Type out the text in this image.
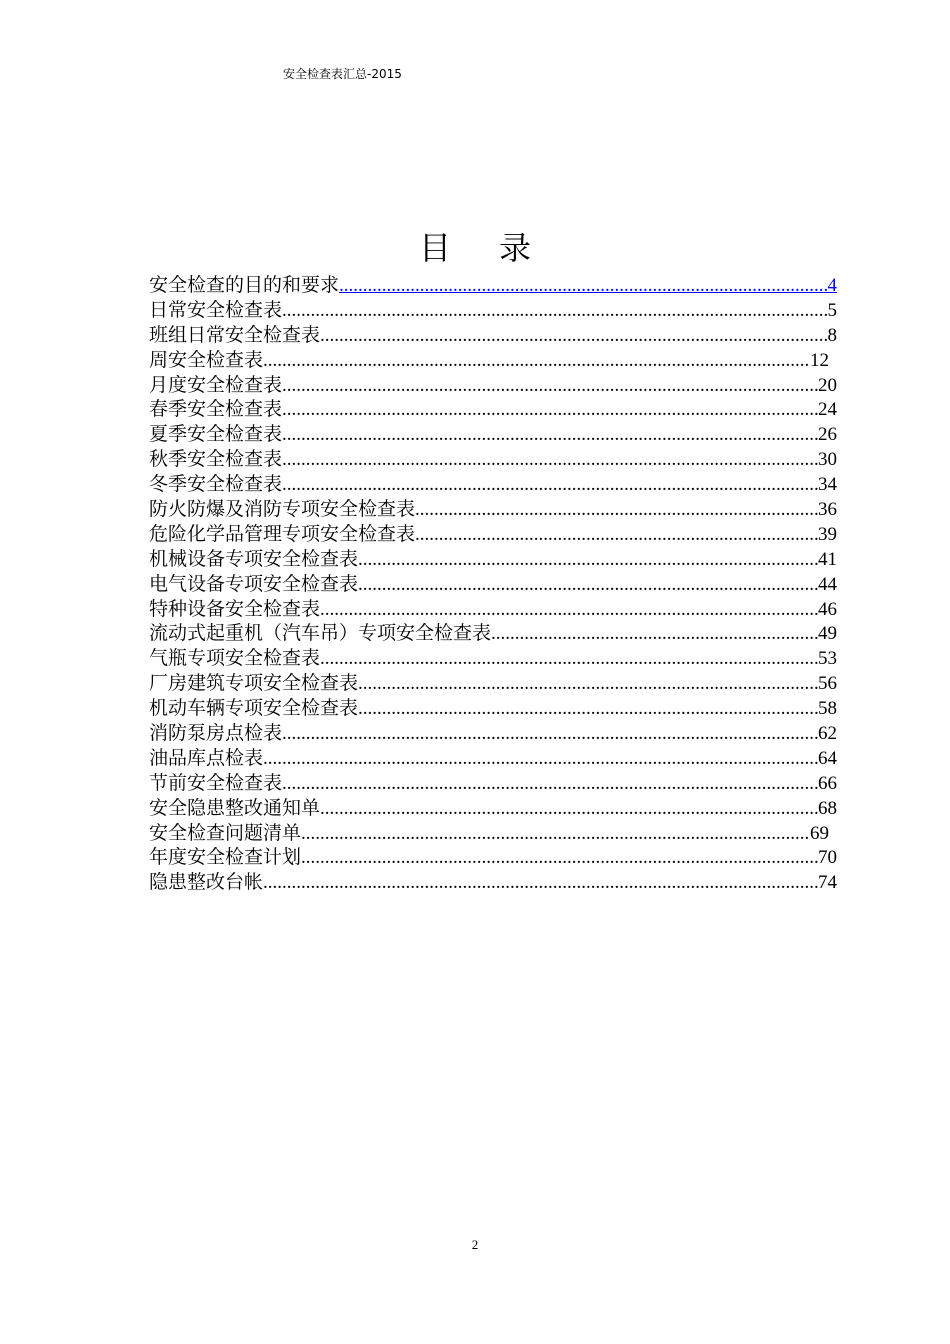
安全检查表汇总-2015
目录
安全检查的目的和要求 .....	4
日常安全检查表 .....	5
班组日常安全检查表 .....	8
周安全检查表 .....	12
月度安全检查表 .....	20
春季安全检查表 .....	24
夏季安全检查表 .....	26
秋季安全检查表 .....	30
冬季安全检查表 .....	34
防火防爆及消防专项安全检查表 .....	36
危险化学品管理专项安全检查表 .....	39
机械设备专项安全检查表 .....	41
电气设备专项安全检查表 .....	44
特种设备安全检查表 .....	46
流动式起重机（汽车吊）专项安全检查表 .....	49
气瓶专项安全检查表 .....	53
厂房建筑专项安全检查表 .....	56
机动车辆专项安全检查表 .....	58
消防泵房点检表 .....	62
油品库点检表 .....	64
节前安全检查表 .....	66
安全隐患整改通知单 .....	68
安全检查问题清单 .....	69
年度安全检查计划 .....	70
隐患整改台帐 .....	74
2
